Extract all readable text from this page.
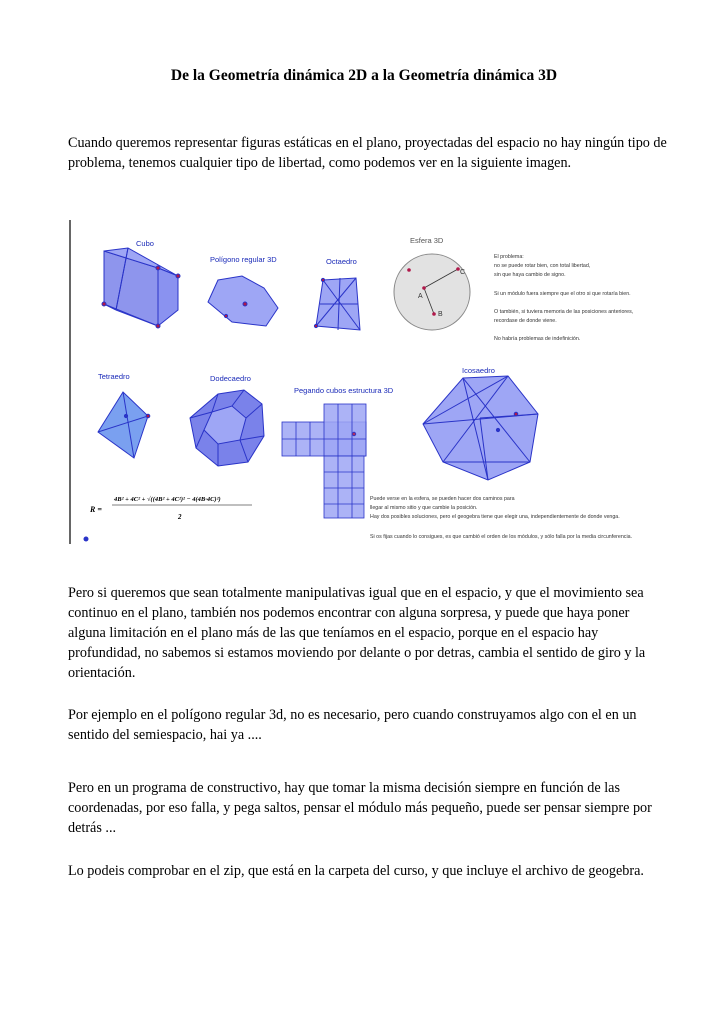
De la Geometría dinámica 2D a la Geometría dinámica 3D

Cuando queremos representar figuras estáticas en el plano, proyectadas del espacio no hay ningún tipo de problema, tenemos cualquier tipo de libertad, como podemos ver en la siguiente imagen.

Cubo
Polígono regular 3D	Octaedro
Esfera 3D
Tetraedro	Dodecaedro
Pegando cubos estructura 3D
Icosaedro
A
B
C
El problema:
no se puede rotar bien, con total libertad,
sin que haya cambio de signo.
Si un módulo fuera siempre que el otro si que rotaría bien.
O también, si tuviera memoria de las posiciones anteriores,
recordase de donde viene.
No habría problemas de indefinición.
R =
4B² + 4C² + √((4B² + 4C²)² − 4(4B·4C)²)
2
Puede verse en la esfera, se pueden hacer dos caminos para
llegar al mismo sitio y que cambie la posición.
Hay dos posibles soluciones, pero el geogebra tiene que elegir una, independientemente de donde venga.
Si os fijas cuando lo consigues, es que cambió el orden de los módulos, y sólo falla por la media circunferencia.

Pero si queremos que sean totalmente manipulativas igual que en el espacio, y que el movimiento sea continuo en el plano, también nos podemos encontrar con alguna sorpresa, y puede que haya poner alguna limitación en el plano más de las que teníamos en el espacio, porque en el espacio hay profundidad, no sabemos si estamos moviendo por delante o por detras, cambia el sentido de giro y la orientación.

Por ejemplo en el polígono regular 3d, no es necesario, pero cuando construyamos algo con el en un sentido del semiespacio, hai ya ....

Pero en un programa de constructivo, hay que tomar la misma decisión siempre en función de las coordenadas, por eso falla, y pega saltos, pensar el módulo más pequeño, puede ser pensar siempre por detrás ...

Lo podeis comprobar en el zip, que está en la carpeta del curso, y que incluye el archivo de geogebra.
